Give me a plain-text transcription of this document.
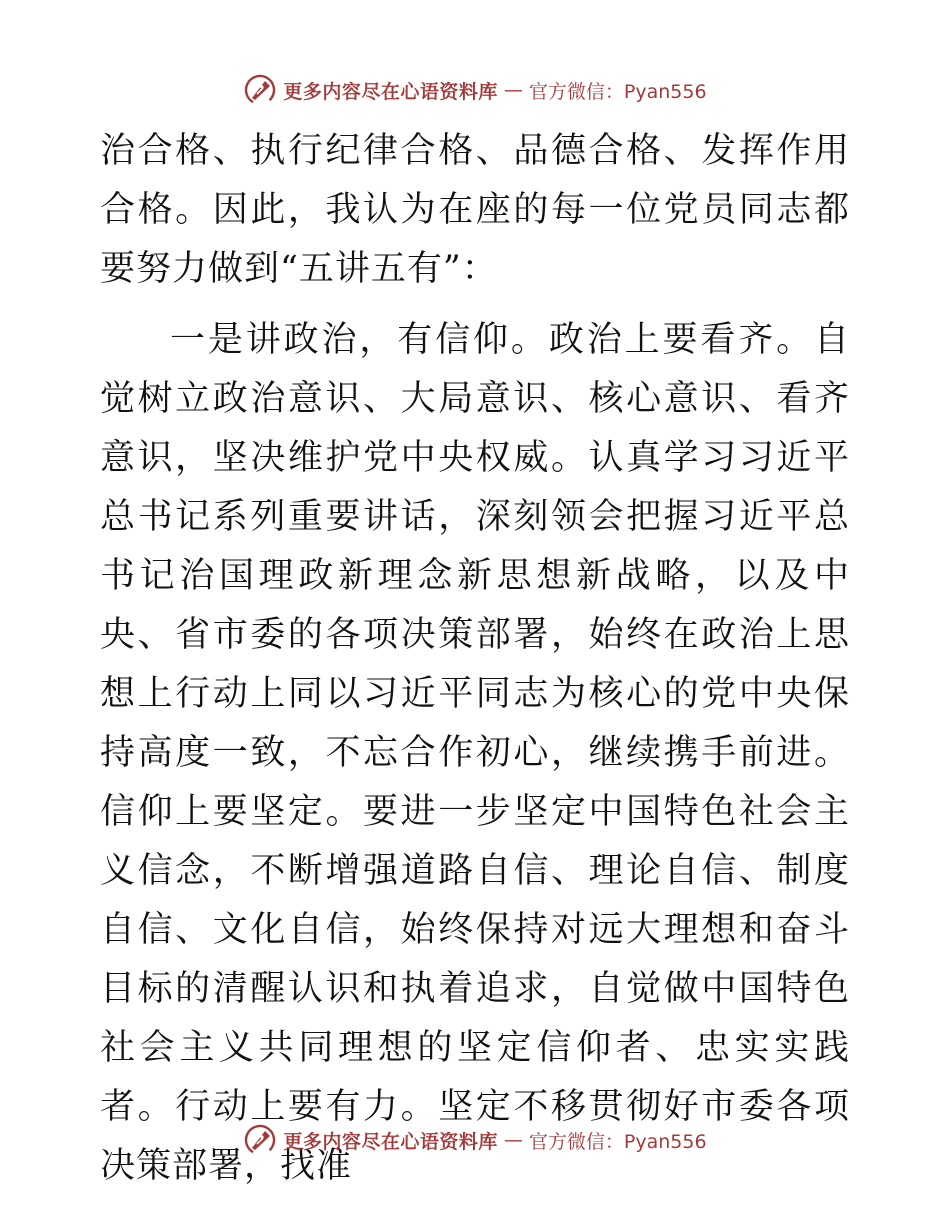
更多内容尽在心语资料库 — 官方微信：Pyan556

治合格、执行纪律合格、品德合格、发挥作用合格。因此，我认为在座的每一位党员同志都要努力做到“五讲五有”：

一是讲政治，有信仰。政治上要看齐。自觉树立政治意识、大局意识、核心意识、看齐意识，坚决维护党中央权威。认真学习习近平总书记系列重要讲话，深刻领会把握习近平总书记治国理政新理念新思想新战略，以及中央、省市委的各项决策部署，始终在政治上思想上行动上同以习近平同志为核心的党中央保持高度一致，不忘合作初心，继续携手前进。信仰上要坚定。要进一步坚定中国特色社会主义信念，不断增强道路自信、理论自信、制度自信、文化自信，始终保持对远大理想和奋斗目标的清醒认识和执着追求，自觉做中国特色社会主义共同理想的坚定信仰者、忠实实践者。行动上要有力。坚定不移贯彻好市委各项决策部署，找准

更多内容尽在心语资料库 — 官方微信：Pyan556
